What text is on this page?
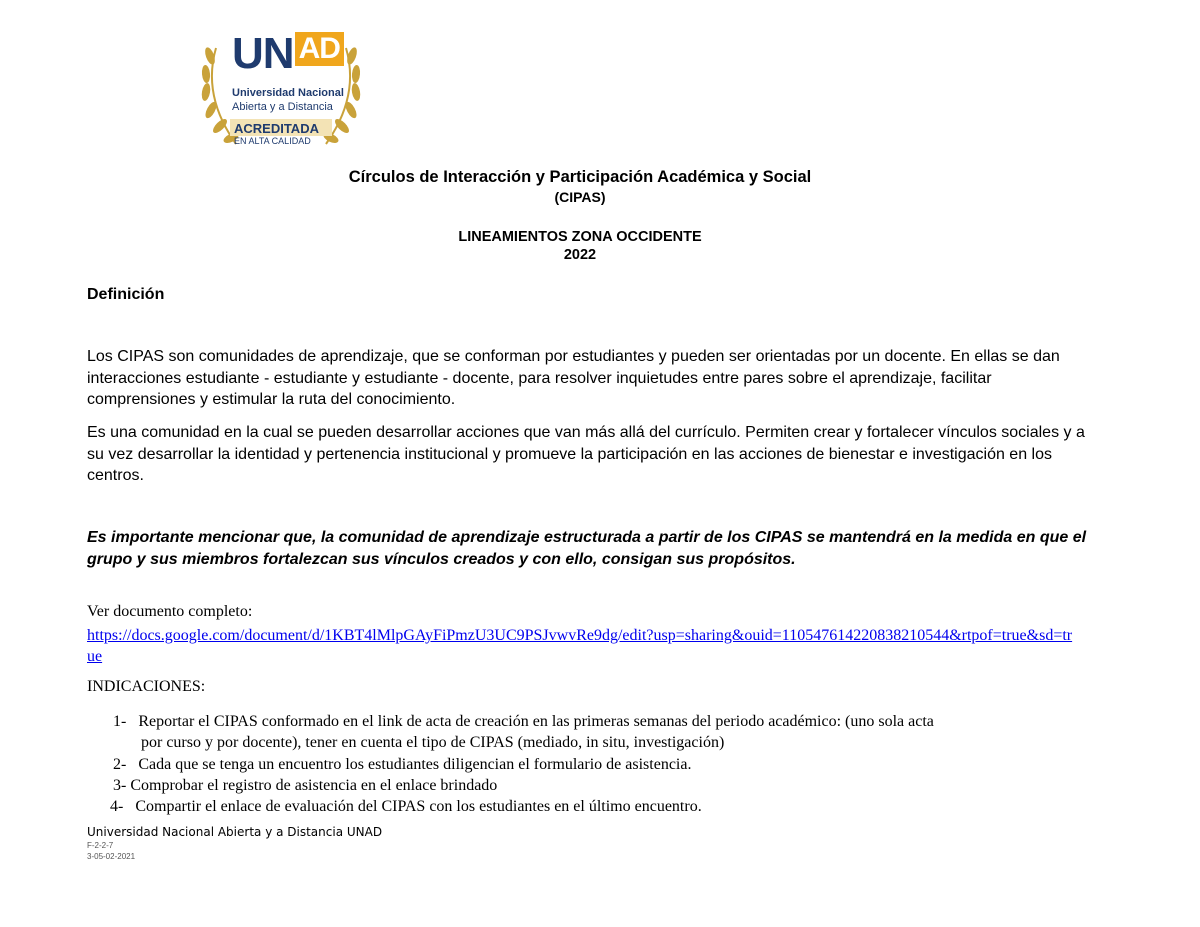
UN AD
Universidad Nacional
Abierta y a Distancia
ACREDITADA
EN ALTA CALIDAD
Círculos de Interacción y Participación Académica y Social
(CIPAS)
LINEAMIENTOS ZONA OCCIDENTE
2022
Definición
Los CIPAS son comunidades de aprendizaje, que se conforman por estudiantes y pueden ser orientadas por un docente. En ellas se dan interacciones estudiante - estudiante y estudiante - docente, para resolver inquietudes entre pares sobre el aprendizaje, facilitar comprensiones y estimular la ruta del conocimiento.
Es una comunidad en la cual se pueden desarrollar acciones que van más allá del currículo. Permiten crear y fortalecer vínculos sociales y a su vez desarrollar la identidad y pertenencia institucional y promueve la participación en las acciones de bienestar e investigación en los centros.
Es importante mencionar que, la comunidad de aprendizaje estructurada a partir de los CIPAS se mantendrá en la medida en que el grupo y sus miembros fortalezcan sus vínculos creados y con ello, consigan sus propósitos.
Ver documento completo:
https://docs.google.com/document/d/1KBT4lMlpGAyFiPmzU3UC9PSJvwvRe9dg/edit?usp=sharing&ouid=110547614220838210544&rtpof=true&sd=true
INDICACIONES:
1- Reportar el CIPAS conformado en el link de acta de creación en las primeras semanas del periodo académico: (uno sola acta
por curso y por docente), tener en cuenta el tipo de CIPAS (mediado, in situ, investigación)
2- Cada que se tenga un encuentro los estudiantes diligencian el formulario de asistencia.
3- Comprobar el registro de asistencia en el enlace brindado
4- Compartir el enlace de evaluación del CIPAS con los estudiantes en el último encuentro.
Universidad Nacional Abierta y a Distancia UNAD
F-2-2-7
3-05-02-2021
